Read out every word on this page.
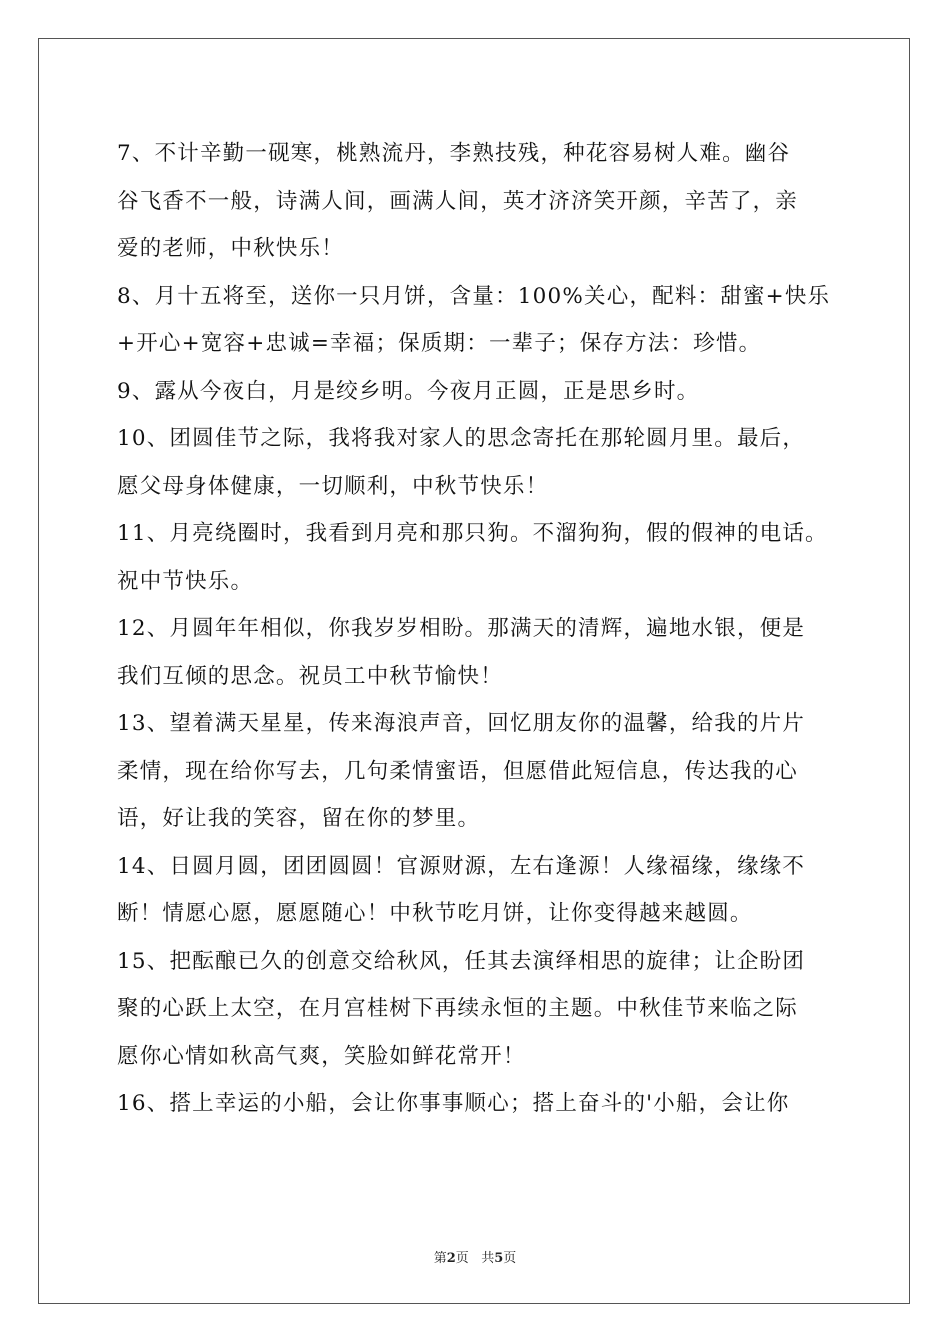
7、不计辛勤一砚寒，桃熟流丹，李熟技残，种花容易树人难。幽谷
谷飞香不一般，诗满人间，画满人间，英才济济笑开颜，辛苦了，亲
爱的老师，中秋快乐！
8、月十五将至，送你一只月饼，含量：100%关心，配料：甜蜜+快乐
+开心+宽容+忠诚=幸福；保质期：一辈子；保存方法：珍惜。
9、露从今夜白，月是绞乡明。今夜月正圆，正是思乡时。
10、团圆佳节之际，我将我对家人的思念寄托在那轮圆月里。最后，
愿父母身体健康，一切顺利，中秋节快乐！
11、月亮绕圈时，我看到月亮和那只狗。不溜狗狗，假的假神的电话。
祝中节快乐。
12、月圆年年相似，你我岁岁相盼。那满天的清辉，遍地水银，便是
我们互倾的思念。祝员工中秋节愉快！
13、望着满天星星，传来海浪声音，回忆朋友你的温馨，给我的片片
柔情，现在给你写去，几句柔情蜜语，但愿借此短信息，传达我的心
语，好让我的笑容，留在你的梦里。
14、日圆月圆，团团圆圆！官源财源，左右逢源！人缘福缘，缘缘不
断！情愿心愿，愿愿随心！中秋节吃月饼，让你变得越来越圆。
15、把酝酿已久的创意交给秋风，任其去演绎相思的旋律；让企盼团
聚的心跃上太空，在月宫桂树下再续永恒的主题。中秋佳节来临之际
愿你心情如秋高气爽，笑脸如鲜花常开！
16、搭上幸运的小船，会让你事事顺心；搭上奋斗的'小船，会让你
第2页 共5页
